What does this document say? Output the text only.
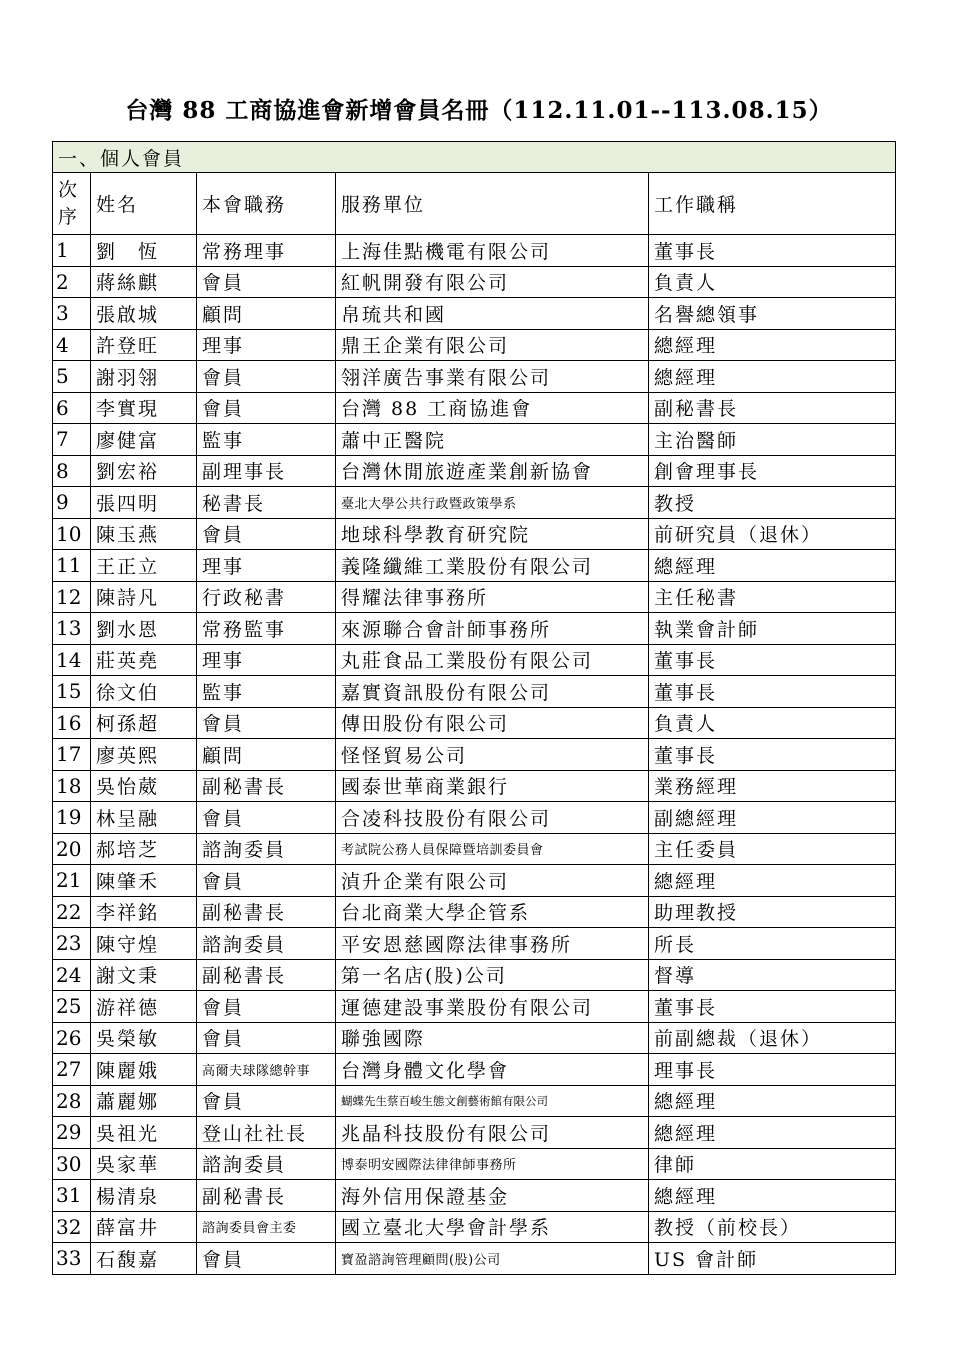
台灣 88 工商協進會新增會員名冊（112.11.01--113.08.15）
一、個人會員				

次
序	姓名	本會職務	服務單位	工作職稱
1	劉　恆	常務理事	上海佳點機電有限公司	董事長
2	蔣絲麒	會員	紅帆開發有限公司	負責人
3	張啟城	顧問	帛琉共和國	名譽總領事
4	許登旺	理事	鼎王企業有限公司	總經理
5	謝羽翎	會員	翎洋廣告事業有限公司	總經理
6	李實現	會員	台灣 88 工商協進會	副秘書長
7	廖健富	監事	蕭中正醫院	主治醫師
8	劉宏裕	副理事長	台灣休閒旅遊產業創新協會	創會理事長
9	張四明	秘書長	臺北大學公共行政暨政策學系	教授
10	陳玉燕	會員	地球科學教育研究院	前研究員（退休）
11	王正立	理事	義隆纖維工業股份有限公司	總經理
12	陳詩凡	行政秘書	得耀法律事務所	主任秘書
13	劉水恩	常務監事	來源聯合會計師事務所	執業會計師
14	莊英堯	理事	丸莊食品工業股份有限公司	董事長
15	徐文伯	監事	嘉實資訊股份有限公司	董事長
16	柯孫超	會員	傳田股份有限公司	負責人
17	廖英熙	顧問	怪怪貿易公司	董事長
18	吳怡葳	副秘書長	國泰世華商業銀行	業務經理
19	林呈融	會員	合凌科技股份有限公司	副總經理
20	郝培芝	諮詢委員	考試院公務人員保障暨培訓委員會	主任委員
21	陳肇禾	會員	湞升企業有限公司	總經理
22	李祥銘	副秘書長	台北商業大學企管系	助理教授
23	陳守煌	諮詢委員	平安恩慈國際法律事務所	所長
24	謝文秉	副秘書長	第一名店(股)公司	督導
25	游祥德	會員	運德建設事業股份有限公司	董事長
26	吳榮敏	會員	聯強國際	前副總裁（退休）
27	陳麗娥	高爾夫球隊總幹事	台灣身體文化學會	理事長
28	蕭麗娜	會員	蝴蝶先生蔡百峻生態文創藝術館有限公司	總經理
29	吳祖光	登山社社長	兆晶科技股份有限公司	總經理
30	吳家華	諮詢委員	博泰明安國際法律律師事務所	律師
31	楊清泉	副秘書長	海外信用保證基金	總經理
32	薛富井	諮詢委員會主委	國立臺北大學會計學系	教授（前校長）
33	石馥嘉	會員	寶盈諮詢管理顧問(股)公司	US 會計師
